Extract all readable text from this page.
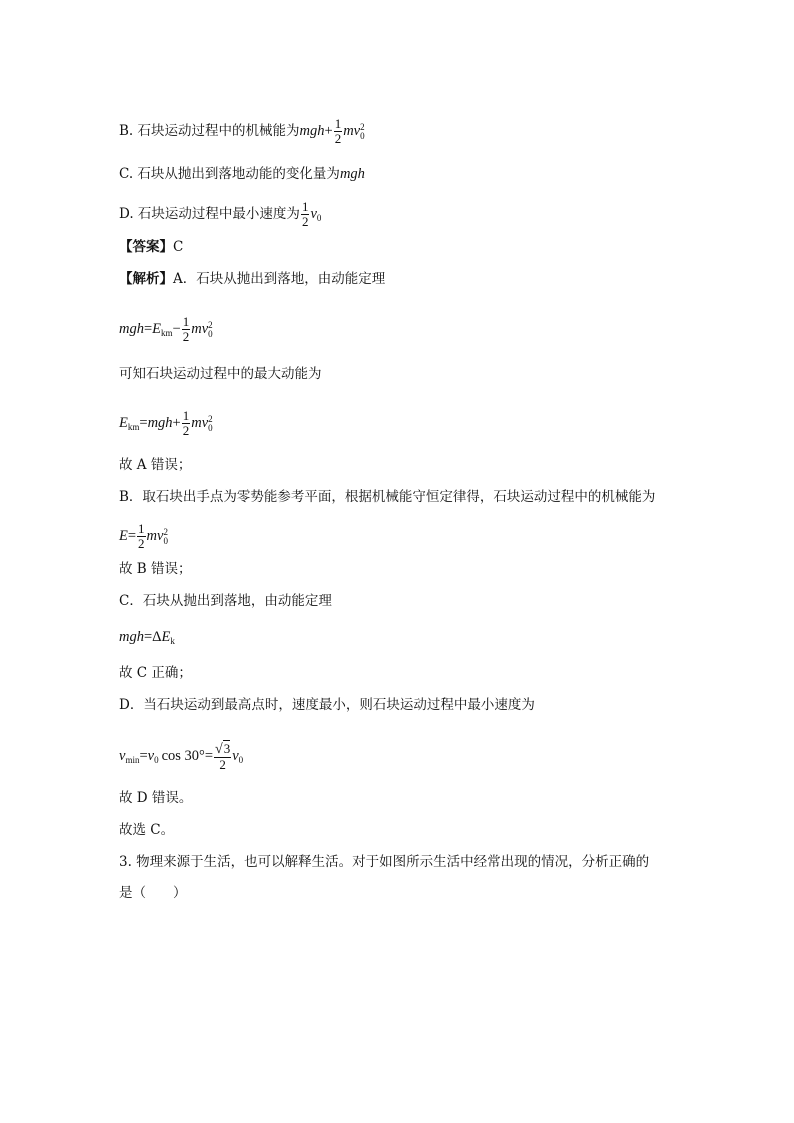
B. 石块运动过程中的机械能为$mgh+ \frac{1}{2}$ mv 2
0
C. 石块从抛出到落地动能的变化量为mgh
D. 石块运动过程中最小速度为 $\frac{1}{2} v_0$
【答案】C
【解析】A．石块从抛出到落地，由动能定理
$mgh=E_{km}- \frac{1}{2}$ mv 2
0
可知石块运动过程中的最大动能为
$E_{km}=mgh+ \frac{1}{2}$ mv 2
0
故 A 错误；
B．取石块出手点为零势能参考平面，根据机械能守恒定律得，石块运动过程中的机械能为
$E= \frac{1}{2}$ mv 2
0
故 B 错误；
C．石块从抛出到落地，由动能定理
$mgh=\Delta E_k$
故 C 正确；
D．当石块运动到最高点时，速度最小，则石块运动过程中最小速度为
$v_{min}=v_0$ $\cos 30^\circ= \frac{√3}{2} v_0$
故 D 错误。
故选 C。
3. 物理来源于生活，也可以解释生活。对于如图所示生活中经常出现的情况，分析正确的
是（　　）
